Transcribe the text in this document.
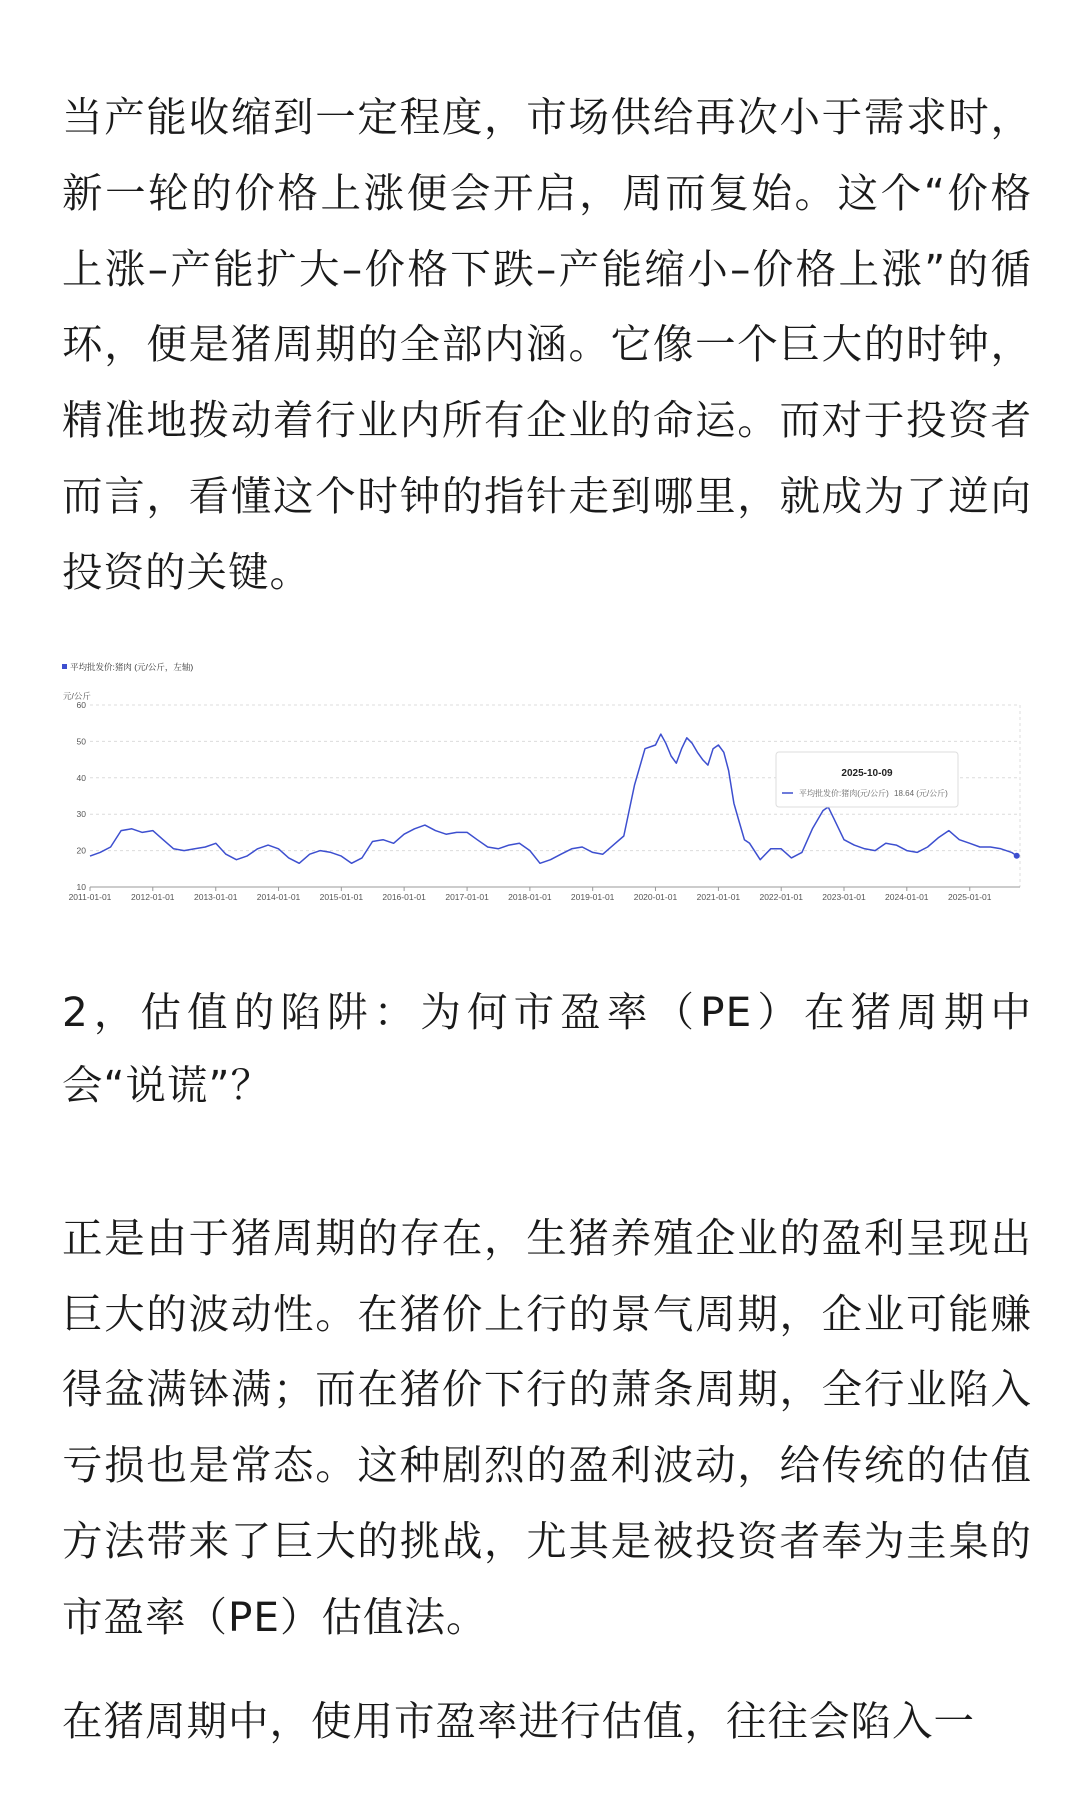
当产能收缩到一定程度，市场供给再次小于需求时，新一轮的价格上涨便会开启，周而复始。这个“价格上涨–产能扩大–价格下跌–产能缩小–价格上涨”的循环，便是猪周期的全部内涵。它像一个巨大的时钟，精准地拨动着行业内所有企业的命运。而对于投资者而言，看懂这个时钟的指针走到哪里，就成为了逆向投资的关键。

平均批发价:猪肉 (元/公斤，左轴)
元/公斤
10
20
30
40
50
60
2011-01-01 2012-01-01 2013-01-01 2014-01-01 2015-01-01 2016-01-01 2017-01-01 2018-01-01 2019-01-01 2020-01-01 2021-01-01 2022-01-01 2023-01-01 2024-01-01 2025-01-01
2025-10-09
平均批发价:猪肉(元/公斤) 18.64 (元/公斤)

2，估值的陷阱：为何市盈率（PE）在猪周期中会“说谎”？

正是由于猪周期的存在，生猪养殖企业的盈利呈现出巨大的波动性。在猪价上行的景气周期，企业可能赚得盆满钵满；而在猪价下行的萧条周期，全行业陷入亏损也是常态。这种剧烈的盈利波动，给传统的估值方法带来了巨大的挑战，尤其是被投资者奉为圭臬的市盈率（PE）估值法。

在猪周期中，使用市盈率进行估值，往往会陷入一
